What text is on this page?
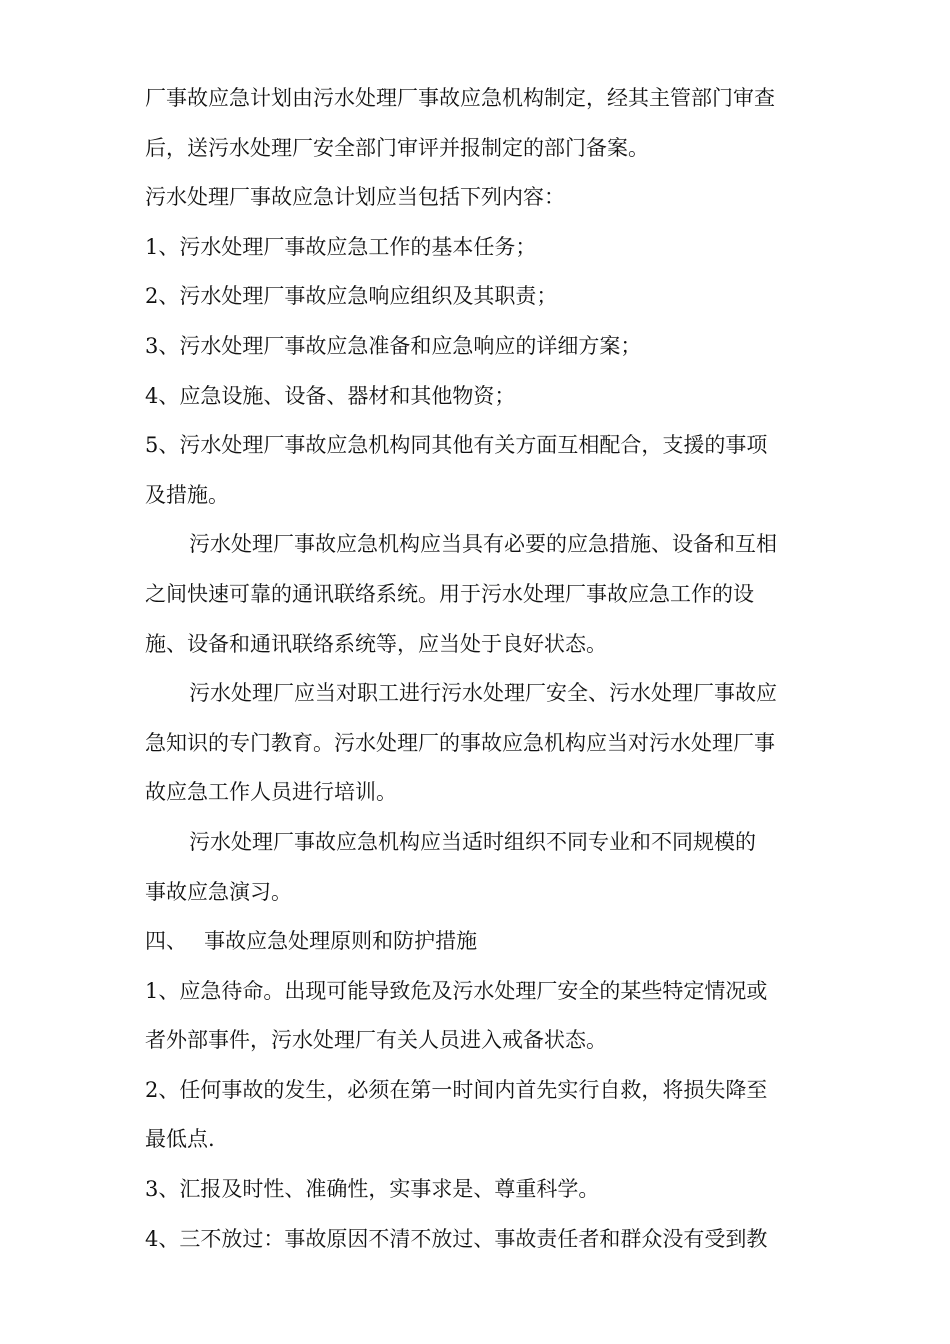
厂事故应急计划由污水处理厂事故应急机构制定，经其主管部门审查
后，送污水处理厂安全部门审评并报制定的部门备案。
污水处理厂事故应急计划应当包括下列内容：
1、污水处理厂事故应急工作的基本任务；
2、污水处理厂事故应急响应组织及其职责；
3、污水处理厂事故应急准备和应急响应的详细方案；
4、应急设施、设备、器材和其他物资；
5、污水处理厂事故应急机构同其他有关方面互相配合，支援的事项
及措施。
污水处理厂事故应急机构应当具有必要的应急措施、设备和互相
之间快速可靠的通讯联络系统。用于污水处理厂事故应急工作的设
施、设备和通讯联络系统等，应当处于良好状态。
污水处理厂应当对职工进行污水处理厂安全、污水处理厂事故应
急知识的专门教育。污水处理厂的事故应急机构应当对污水处理厂事
故应急工作人员进行培训。
污水处理厂事故应急机构应当适时组织不同专业和不同规模的
事故应急演习。
四、　 事故应急处理原则和防护措施
1、应急待命。出现可能导致危及污水处理厂安全的某些特定情况或
者外部事件，污水处理厂有关人员进入戒备状态。
2、任何事故的发生，必须在第一时间内首先实行自救，将损失降至
最低点.
3、汇报及时性、准确性，实事求是、尊重科学。
4、三不放过：事故原因不清不放过、事故责任者和群众没有受到教
